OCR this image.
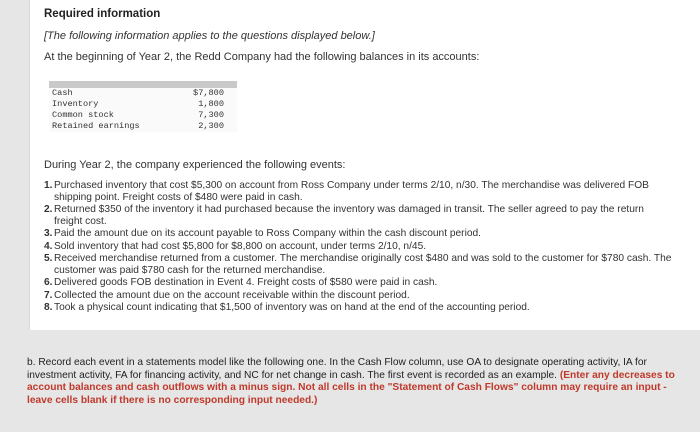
Required information
[The following information applies to the questions displayed below.]
At the beginning of Year 2, the Redd Company had the following balances in its accounts:
Cash	$7,800
Inventory	1,800
Common stock	7,300
Retained earnings	2,300
During Year 2, the company experienced the following events:
1. Purchased inventory that cost $5,300 on account from Ross Company under terms 2/10, n/30. The merchandise was delivered FOB shipping point. Freight costs of $480 were paid in cash.
2. Returned $350 of the inventory it had purchased because the inventory was damaged in transit. The seller agreed to pay the return freight cost.
3. Paid the amount due on its account payable to Ross Company within the cash discount period.
4. Sold inventory that had cost $5,800 for $8,800 on account, under terms 2/10, n/45.
5. Received merchandise returned from a customer. The merchandise originally cost $480 and was sold to the customer for $780 cash. The customer was paid $780 cash for the returned merchandise.
6. Delivered goods FOB destination in Event 4. Freight costs of $580 were paid in cash.
7. Collected the amount due on the account receivable within the discount period.
8. Took a physical count indicating that $1,500 of inventory was on hand at the end of the accounting period.
b. Record each event in a statements model like the following one. In the Cash Flow column, use OA to designate operating activity, IA for investment activity, FA for financing activity, and NC for net change in cash. The first event is recorded as an example. (Enter any decreases to account balances and cash outflows with a minus sign. Not all cells in the "Statement of Cash Flows" column may require an input - leave cells blank if there is no corresponding input needed.)
